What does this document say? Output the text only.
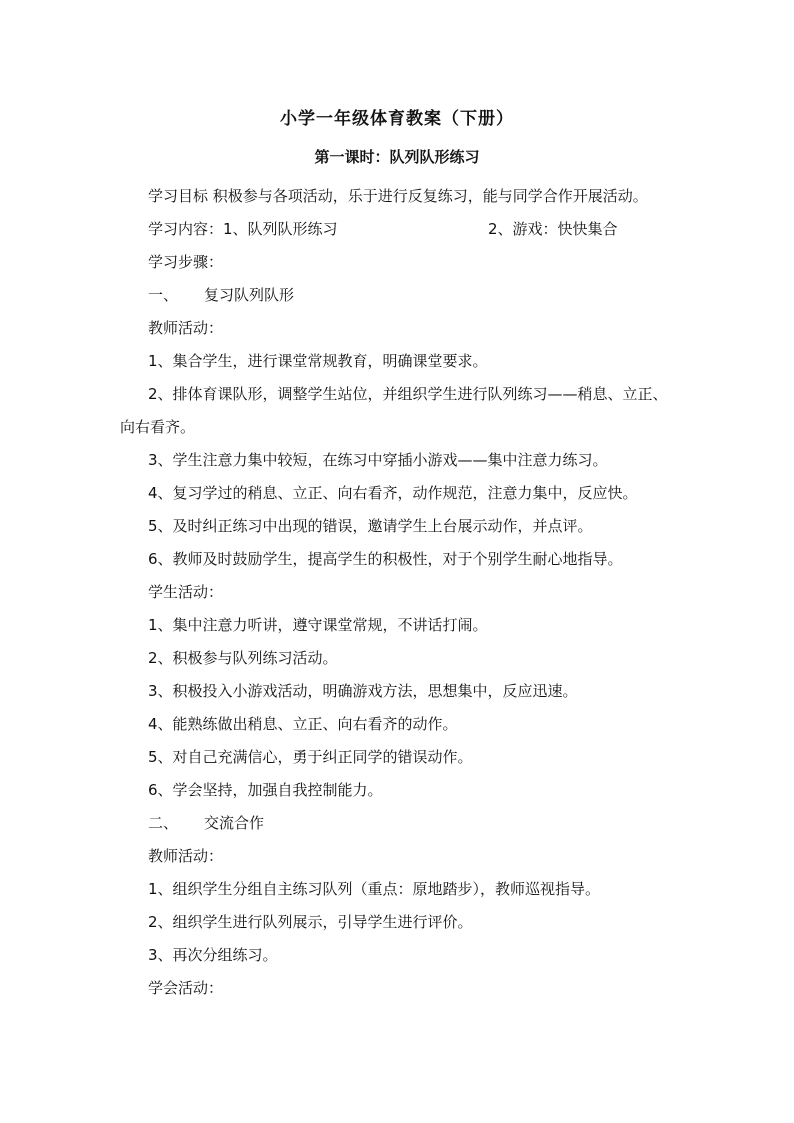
小学一年级体育教案（下册）
第一课时：队列队形练习
学习目标 积极参与各项活动，乐于进行反复练习，能与同学合作开展活动。
学习内容：1、队列队形练习	2、游戏：快快集合
学习步骤：
一、 复习队列队形
教师活动：
1、集合学生，进行课堂常规教育，明确课堂要求。
2、排体育课队形，调整学生站位，并组织学生进行队列练习——稍息、立正、向右看齐。
3、学生注意力集中较短，在练习中穿插小游戏——集中注意力练习。
4、复习学过的稍息、立正、向右看齐，动作规范，注意力集中，反应快。
5、及时纠正练习中出现的错误，邀请学生上台展示动作，并点评。
6、教师及时鼓励学生，提高学生的积极性，对于个别学生耐心地指导。
学生活动：
1、集中注意力听讲，遵守课堂常规，不讲话打闹。
2、积极参与队列练习活动。
3、积极投入小游戏活动，明确游戏方法，思想集中，反应迅速。
4、能熟练做出稍息、立正、向右看齐的动作。
5、对自己充满信心，勇于纠正同学的错误动作。
6、学会坚持，加强自我控制能力。
二、 交流合作
教师活动：
1、组织学生分组自主练习队列（重点：原地踏步），教师巡视指导。
2、组织学生进行队列展示，引导学生进行评价。
3、再次分组练习。
学会活动：
